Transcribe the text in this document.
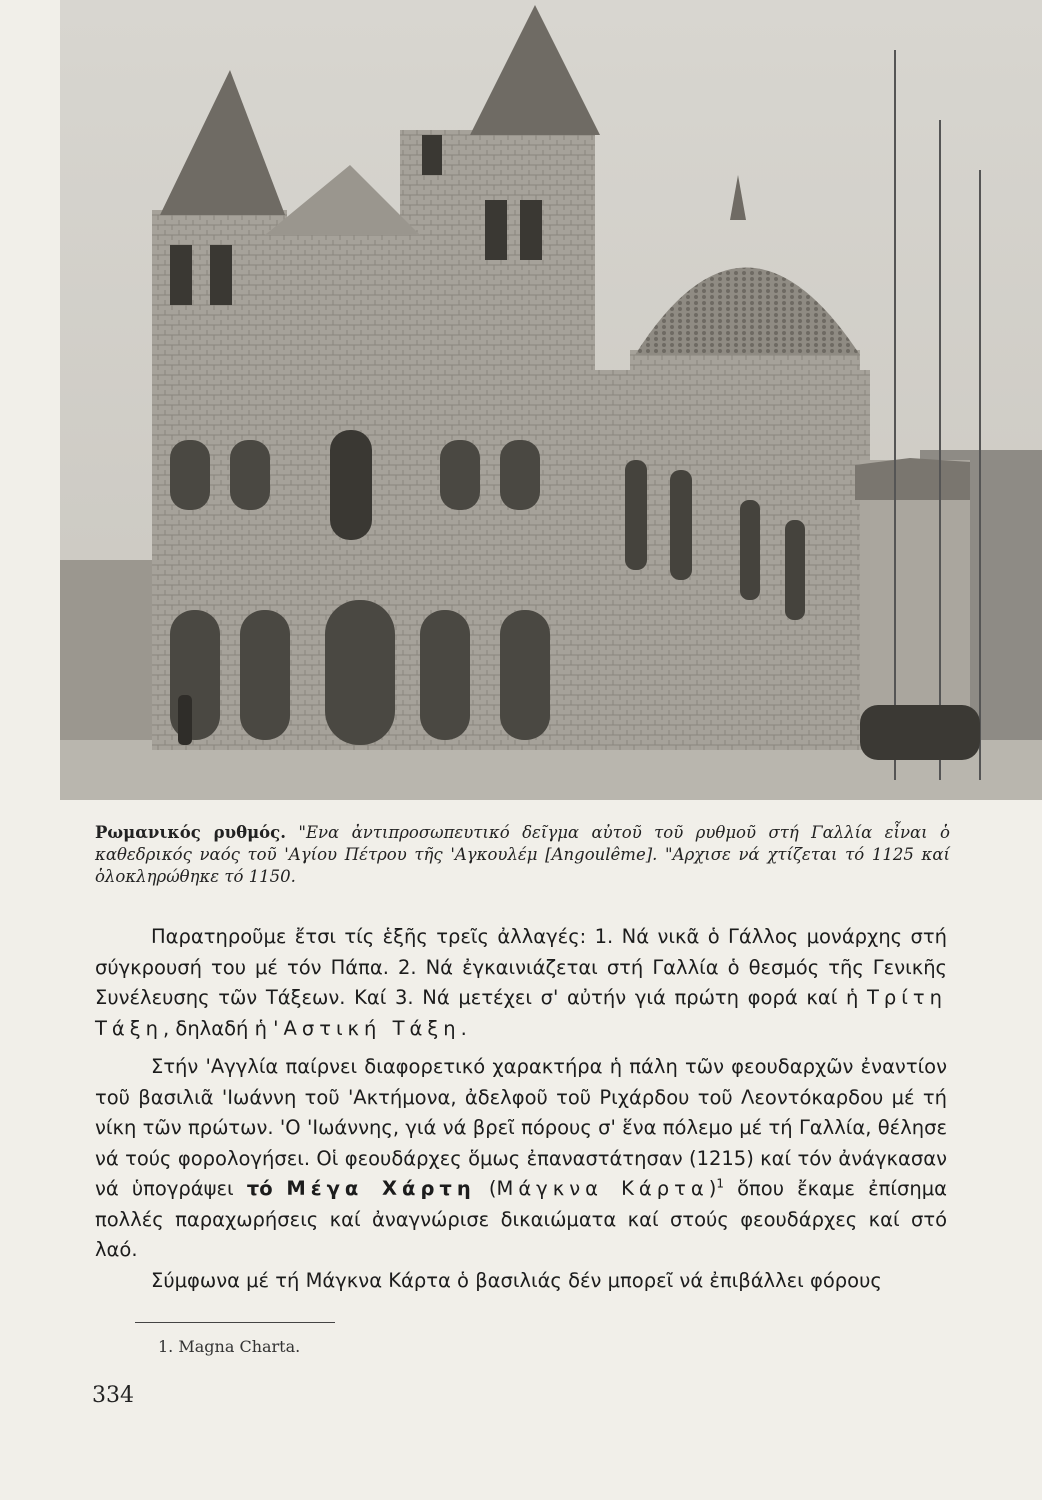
Ρωμανικός ρυθμός. "Ενα ἀντιπροσωπευτικό δεῖγμα αὐτοῦ τοῦ ρυθμοῦ στή Γαλλία εἶναι ὁ καθεδρικός ναός τοῦ 'Αγίου Πέτρου τῆς 'Αγκουλέμ [Angoulême]. "Αρχισε νά χτίζεται τό 1125 καί ὁλοκληρώθηκε τό 1150.

Παρατηροῦμε ἔτσι τίς ἑξῆς τρεῖς ἀλλαγές: 1. Νά νικᾶ ὁ Γάλλος μονάρχης στή σύγκρουσή του μέ τόν Πάπα. 2. Νά ἐγκαινιάζεται στή Γαλλία ὁ θεσμός τῆς Γενικῆς Συνέλευσης τῶν Τάξεων. Καί 3. Νά μετέχει σ' αὐτήν γιά πρώτη φορά καί ἡ Τρίτη Τάξη, δηλαδή ἡ 'Αστική Τάξη.

Στήν 'Αγγλία παίρνει διαφορετικό χαρακτήρα ἡ πάλη τῶν φεουδαρχῶν ἐναντίον τοῦ βασιλιᾶ 'Ιωάννη τοῦ 'Ακτήμονα, ἀδελφοῦ τοῦ Ριχάρδου τοῦ Λεοντόκαρδου μέ τή νίκη τῶν πρώτων. 'Ο 'Ιωάννης, γιά νά βρεῖ πόρους σ' ἕνα πόλεμο μέ τή Γαλλία, θέλησε νά τούς φορολογήσει. Οἱ φεουδάρχες ὅμως ἐπαναστάτησαν (1215) καί τόν ἀνάγκασαν νά ὑπογράψει τό Μέγα Χάρτη (Μάγκνα Κάρτα)$^1$ ὅπου ἔκαμε ἐπίσημα πολλές παραχωρήσεις καί ἀναγνώρισε δικαιώματα καί στούς φεουδάρχες καί στό λαό.

Σύμφωνα μέ τή Μάγκνα Κάρτα ὁ βασιλιάς δέν μπορεῖ νά ἐπιβάλλει φόρους

1. Magna Charta.
334
